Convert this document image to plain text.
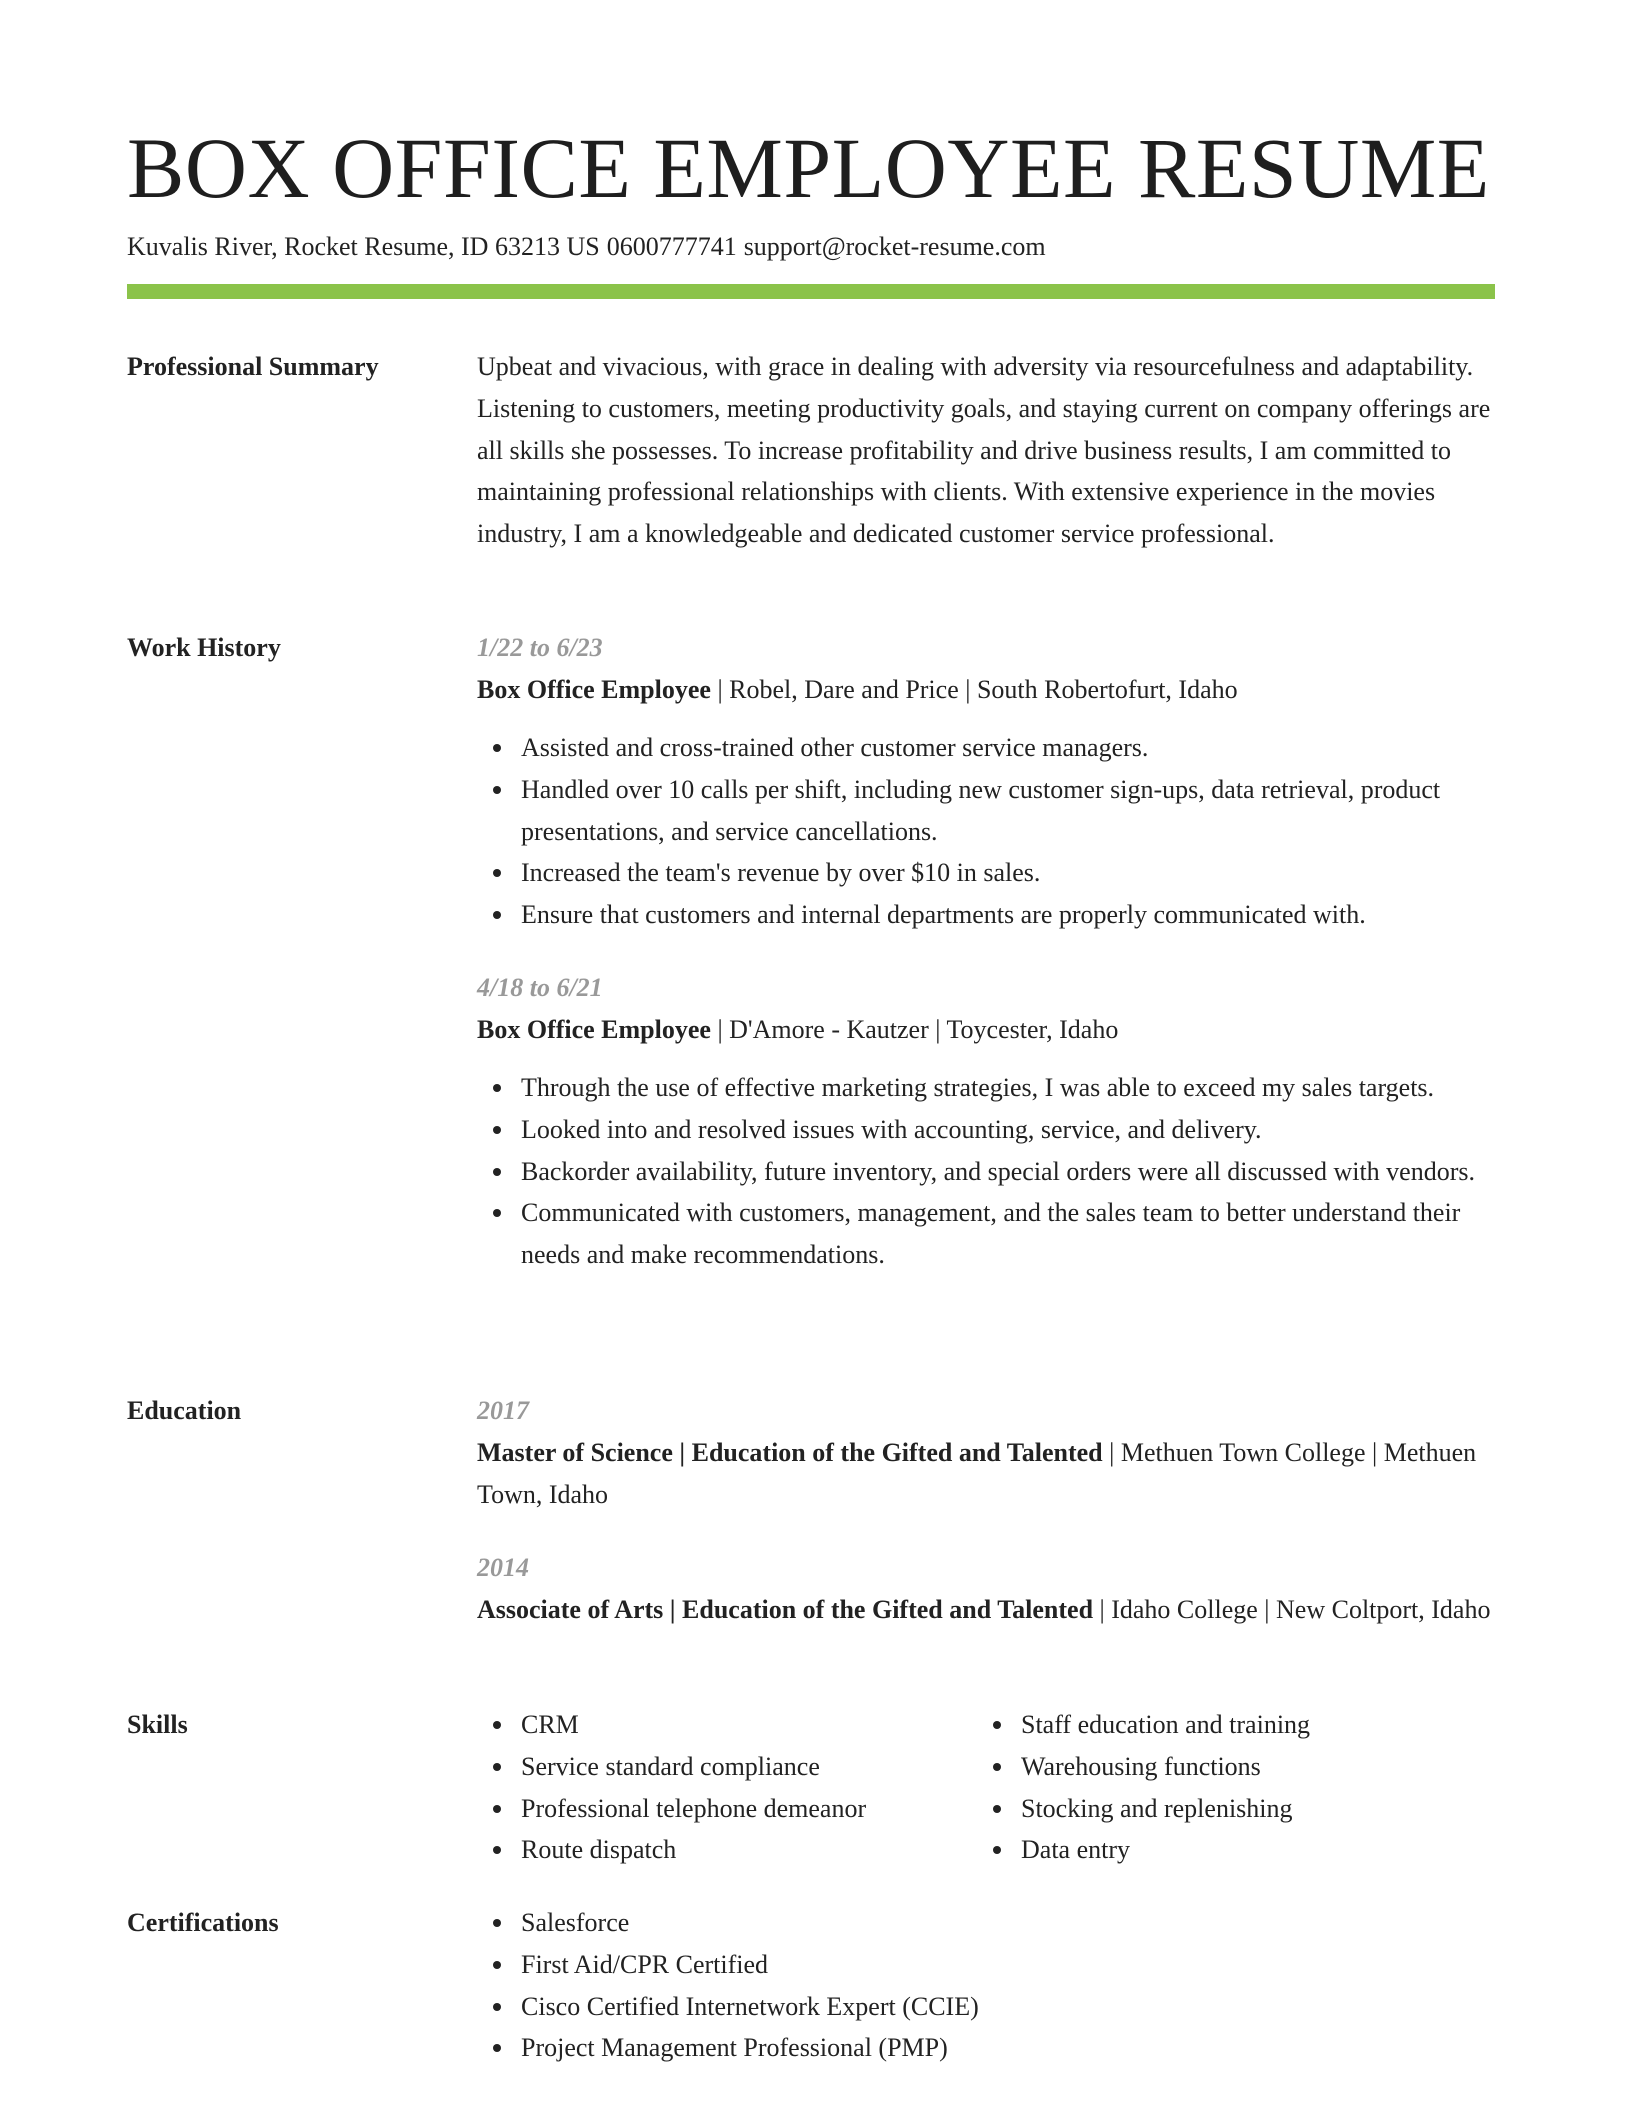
BOX OFFICE EMPLOYEE RESUME
Kuvalis River, Rocket Resume, ID 63213 US 0600777741 support@rocket-resume.com
Professional Summary	Upbeat and vivacious, with grace in dealing with adversity via resourcefulness and adaptability. Listening to customers, meeting productivity goals, and staying current on company offerings are all skills she possesses. To increase profitability and drive business results, I am committed to maintaining professional relationships with clients. With extensive experience in the movies industry, I am a knowledgeable and dedicated customer service professional.

Work History	1/22 to 6/23
Box Office Employee | Robel, Dare and Price | South Robertofurt, Idaho
Assisted and cross-trained other customer service managers.
Handled over 10 calls per shift, including new customer sign-ups, data retrieval, product presentations, and service cancellations.
Increased the team's revenue by over $10 in sales.
Ensure that customers and internal departments are properly communicated with.
4/18 to 6/21
Box Office Employee | D'Amore - Kautzer | Toycester, Idaho
Through the use of effective marketing strategies, I was able to exceed my sales targets.
Looked into and resolved issues with accounting, service, and delivery.
Backorder availability, future inventory, and special orders were all discussed with vendors.
Communicated with customers, management, and the sales team to better understand their needs and make recommendations.
Education	2017
Master of Science | Education of the Gifted and Talented | Methuen Town College | Methuen Town, Idaho
2014
Associate of Arts | Education of the Gifted and Talented | Idaho College | New Coltport, Idaho
Skills	CRM
Service standard compliance
Professional telephone demeanor
Route dispatch
Staff education and training
Warehousing functions
Stocking and replenishing
Data entry
Certifications	Salesforce
First Aid/CPR Certified
Cisco Certified Internetwork Expert (CCIE)
Project Management Professional (PMP)
